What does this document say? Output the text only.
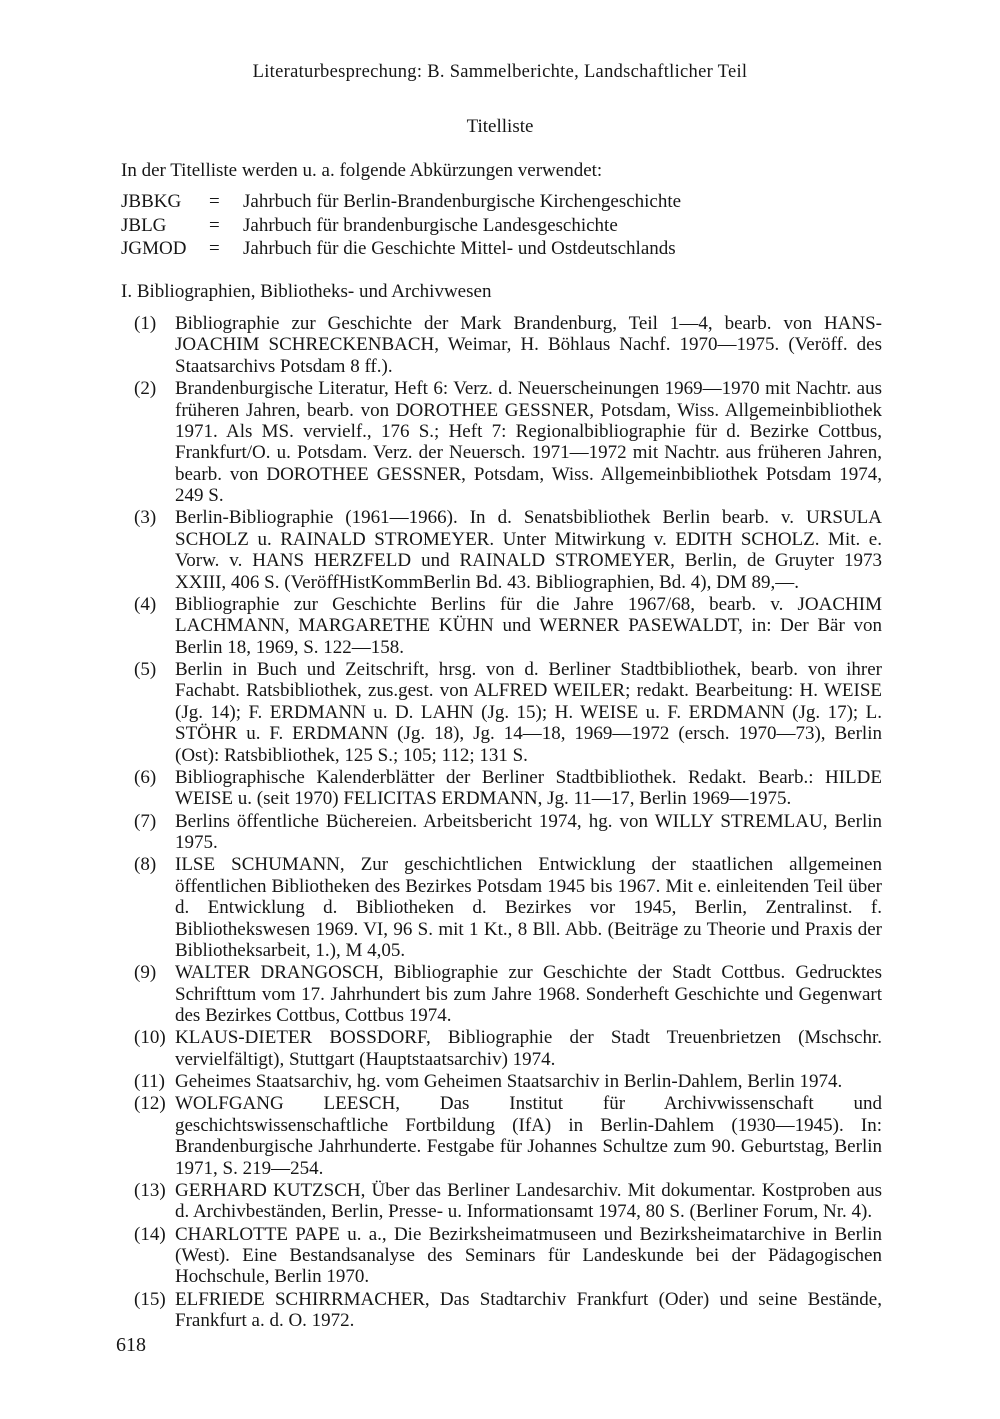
Literaturbesprechung: B. Sammelberichte, Landschaftlicher Teil
Titelliste
In der Titelliste werden u. a. folgende Abkürzungen verwendet:
JBBKG = Jahrbuch für Berlin-Brandenburgische Kirchengeschichte
JBLG = Jahrbuch für brandenburgische Landesgeschichte
JGMOD = Jahrbuch für die Geschichte Mittel- und Ostdeutschlands
I. Bibliographien, Bibliotheks- und Archivwesen
(1) Bibliographie zur Geschichte der Mark Brandenburg, Teil 1—4, bearb. von HANS-JOACHIM SCHRECKENBACH, Weimar, H. Böhlaus Nachf. 1970—1975. (Veröff. des Staatsarchivs Potsdam 8 ff.).
(2) Brandenburgische Literatur, Heft 6: Verz. d. Neuerscheinungen 1969—1970 mit Nachtr. aus früheren Jahren, bearb. von DOROTHEE GESSNER, Potsdam, Wiss. Allgemeinbibliothek 1971. Als MS. vervielf., 176 S.; Heft 7: Regionalbibliographie für d. Bezirke Cottbus, Frankfurt/O. u. Potsdam. Verz. der Neuersch. 1971—1972 mit Nachtr. aus früheren Jahren, bearb. von DOROTHEE GESSNER, Potsdam, Wiss. Allgemeinbibliothek Potsdam 1974, 249 S.
(3) Berlin-Bibliographie (1961—1966). In d. Senatsbibliothek Berlin bearb. v. URSULA SCHOLZ u. RAINALD STROMEYER. Unter Mitwirkung v. EDITH SCHOLZ. Mit. e. Vorw. v. HANS HERZFELD und RAINALD STROMEYER, Berlin, de Gruyter 1973 XXIII, 406 S. (VeröffHistKommBerlin Bd. 43. Bibliographien, Bd. 4), DM 89,—.
(4) Bibliographie zur Geschichte Berlins für die Jahre 1967/68, bearb. v. JOACHIM LACHMANN, MARGARETHE KÜHN und WERNER PASEWALDT, in: Der Bär von Berlin 18, 1969, S. 122—158.
(5) Berlin in Buch und Zeitschrift, hrsg. von d. Berliner Stadtbibliothek, bearb. von ihrer Fachabt. Ratsbibliothek, zus.gest. von ALFRED WEILER; redakt. Bearbeitung: H. WEISE (Jg. 14); F. ERDMANN u. D. LAHN (Jg. 15); H. WEISE u. F. ERDMANN (Jg. 17); L. STÖHR u. F. ERDMANN (Jg. 18), Jg. 14—18, 1969—1972 (ersch. 1970—73), Berlin (Ost): Ratsbibliothek, 125 S.; 105; 112; 131 S.
(6) Bibliographische Kalenderblätter der Berliner Stadtbibliothek. Redakt. Bearb.: HILDE WEISE u. (seit 1970) FELICITAS ERDMANN, Jg. 11—17, Berlin 1969—1975.
(7) Berlins öffentliche Büchereien. Arbeitsbericht 1974, hg. von WILLY STREMLAU, Berlin 1975.
(8) ILSE SCHUMANN, Zur geschichtlichen Entwicklung der staatlichen allgemeinen öffentlichen Bibliotheken des Bezirkes Potsdam 1945 bis 1967. Mit e. einleitenden Teil über d. Entwicklung d. Bibliotheken d. Bezirkes vor 1945, Berlin, Zentralinst. f. Bibliothekswesen 1969. VI, 96 S. mit 1 Kt., 8 Bll. Abb. (Beiträge zu Theorie und Praxis der Bibliotheksarbeit, 1.), M 4,05.
(9) WALTER DRANGOSCH, Bibliographie zur Geschichte der Stadt Cottbus. Gedrucktes Schrifttum vom 17. Jahrhundert bis zum Jahre 1968. Sonderheft Geschichte und Gegenwart des Bezirkes Cottbus, Cottbus 1974.
(10) KLAUS-DIETER BOSSDORF, Bibliographie der Stadt Treuenbrietzen (Mschschr. vervielfältigt), Stuttgart (Hauptstaatsarchiv) 1974.
(11) Geheimes Staatsarchiv, hg. vom Geheimen Staatsarchiv in Berlin-Dahlem, Berlin 1974.
(12) WOLFGANG LEESCH, Das Institut für Archivwissenschaft und geschichtswissenschaftliche Fortbildung (IfA) in Berlin-Dahlem (1930—1945). In: Brandenburgische Jahrhunderte. Festgabe für Johannes Schultze zum 90. Geburtstag, Berlin 1971, S. 219—254.
(13) GERHARD KUTZSCH, Über das Berliner Landesarchiv. Mit dokumentar. Kostproben aus d. Archivbeständen, Berlin, Presse- u. Informationsamt 1974, 80 S. (Berliner Forum, Nr. 4).
(14) CHARLOTTE PAPE u. a., Die Bezirksheimatmuseen und Bezirksheimatarchive in Berlin (West). Eine Bestandsanalyse des Seminars für Landeskunde bei der Pädagogischen Hochschule, Berlin 1970.
(15) ELFRIEDE SCHIRRMACHER, Das Stadtarchiv Frankfurt (Oder) und seine Bestände, Frankfurt a. d. O. 1972.
618
